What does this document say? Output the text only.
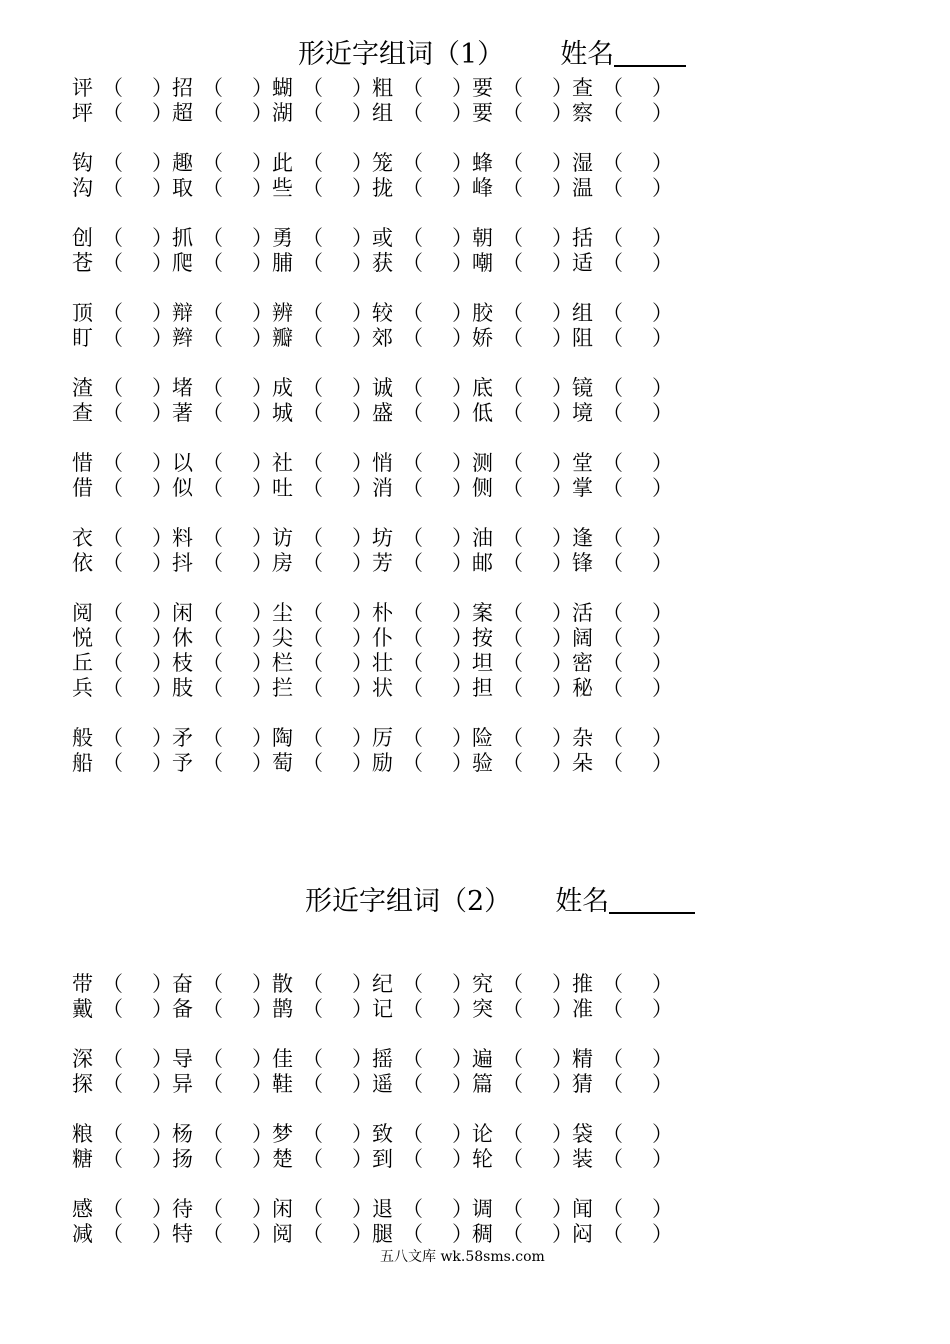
形近字组词（1） 姓名
评 （ ） 招 （ ） 蝴 （ ） 粗 （ ） 要 （ ） 查 （ ）
坪 （ ） 超 （ ） 湖 （ ） 组 （ ） 要 （ ） 察 （ ）
钩 （ ） 趣 （ ） 此 （ ） 笼 （ ） 蜂 （ ） 湿 （ ）
沟 （ ） 取 （ ） 些 （ ） 拢 （ ） 峰 （ ） 温 （ ）
创 （ ） 抓 （ ） 勇 （ ） 或 （ ） 朝 （ ） 括 （ ）
苍 （ ） 爬 （ ） 脯 （ ） 获 （ ） 嘲 （ ） 适 （ ）
顶 （ ） 辩 （ ） 辨 （ ） 较 （ ） 胶 （ ） 组 （ ）
盯 （ ） 辫 （ ） 瓣 （ ） 郊 （ ） 娇 （ ） 阻 （ ）
渣 （ ） 堵 （ ） 成 （ ） 诚 （ ） 底 （ ） 镜 （ ）
查 （ ） 著 （ ） 城 （ ） 盛 （ ） 低 （ ） 境 （ ）
惜 （ ） 以 （ ） 社 （ ） 悄 （ ） 测 （ ） 堂 （ ）
借 （ ） 似 （ ） 吐 （ ） 消 （ ） 侧 （ ） 掌 （ ）
衣 （ ） 料 （ ） 访 （ ） 坊 （ ） 油 （ ） 逢 （ ）
依 （ ） 抖 （ ） 房 （ ） 芳 （ ） 邮 （ ） 锋 （ ）
阅 （ ） 闲 （ ） 尘 （ ） 朴 （ ） 案 （ ） 活 （ ）
悦 （ ） 休 （ ） 尖 （ ） 仆 （ ） 按 （ ） 阔 （ ）
丘 （ ） 枝 （ ） 栏 （ ） 壮 （ ） 坦 （ ） 密 （ ）
兵 （ ） 肢 （ ） 拦 （ ） 状 （ ） 担 （ ） 秘 （ ）
般 （ ） 矛 （ ） 陶 （ ） 厉 （ ） 险 （ ） 杂 （ ）
船 （ ） 予 （ ） 萄 （ ） 励 （ ） 验 （ ） 朵 （ ）
形近字组词（2） 姓名
带 （ ） 奋 （ ） 散 （ ） 纪 （ ） 究 （ ） 推 （ ）
戴 （ ） 备 （ ） 鹊 （ ） 记 （ ） 突 （ ） 准 （ ）
深 （ ） 导 （ ） 佳 （ ） 摇 （ ） 遍 （ ） 精 （ ）
探 （ ） 异 （ ） 鞋 （ ） 遥 （ ） 篇 （ ） 猜 （ ）
粮 （ ） 杨 （ ） 梦 （ ） 致 （ ） 论 （ ） 袋 （ ）
糖 （ ） 扬 （ ） 楚 （ ） 到 （ ） 轮 （ ） 装 （ ）
感 （ ） 待 （ ） 闲 （ ） 退 （ ） 调 （ ） 闻 （ ）
减 （ ） 特 （ ） 阅 （ ） 腿 （ ） 稠 （ ） 闷 （ ）
五八文库 wk.58sms.com
